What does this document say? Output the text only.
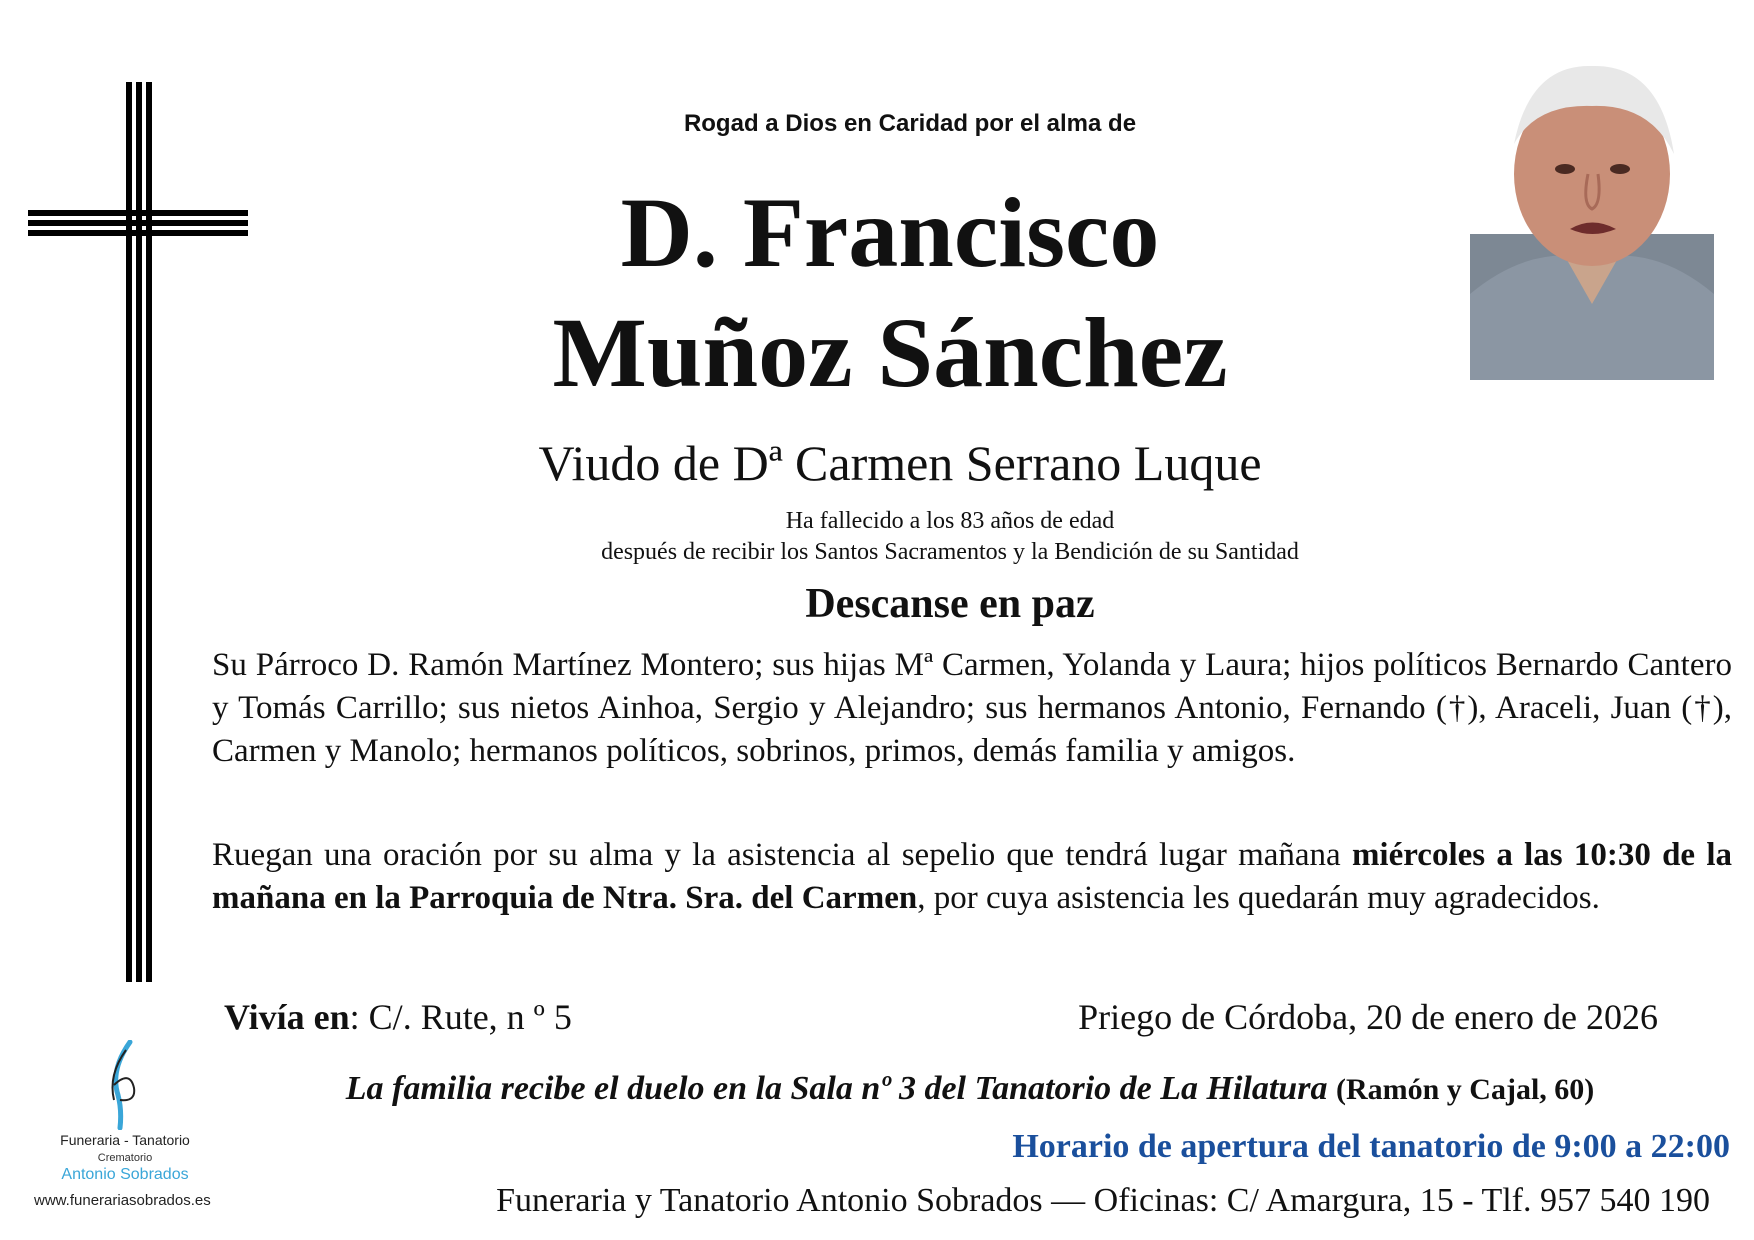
Rogad a Dios en Caridad por el alma de
D. Francisco
Muñoz Sánchez
Viudo de Dª Carmen Serrano Luque
Ha fallecido a los 83 años de edad
después de recibir los Santos Sacramentos y la Bendición de su Santidad
Descanse en paz
Su Párroco D. Ramón Martínez Montero; sus hijas Mª Carmen, Yolanda y Laura; hijos políticos Bernardo Cantero y Tomás Carrillo; sus nietos Ainhoa, Sergio y Alejandro; sus hermanos Antonio, Fernando (†), Araceli, Juan (†), Carmen y Manolo; hermanos políticos, sobrinos, primos, demás familia y amigos.
Ruegan una oración por su alma y la asistencia al sepelio que tendrá lugar mañana miércoles a las 10:30 de la mañana en la Parroquia de Ntra. Sra. del Carmen, por cuya asistencia les quedarán muy agradecidos.
Vivía en: C/. Rute, n º 5	Priego de Córdoba, 20 de enero de 2026
La familia recibe el duelo en la Sala nº 3 del Tanatorio de La Hilatura (Ramón y Cajal, 60)
Horario de apertura del tanatorio de 9:00 a 22:00
Funeraria y Tanatorio Antonio Sobrados — Oficinas: C/ Amargura, 15 - Tlf. 957 540 190
Funeraria - Tanatorio
Crematorio
Antonio Sobrados
www.funerariasobrados.es
